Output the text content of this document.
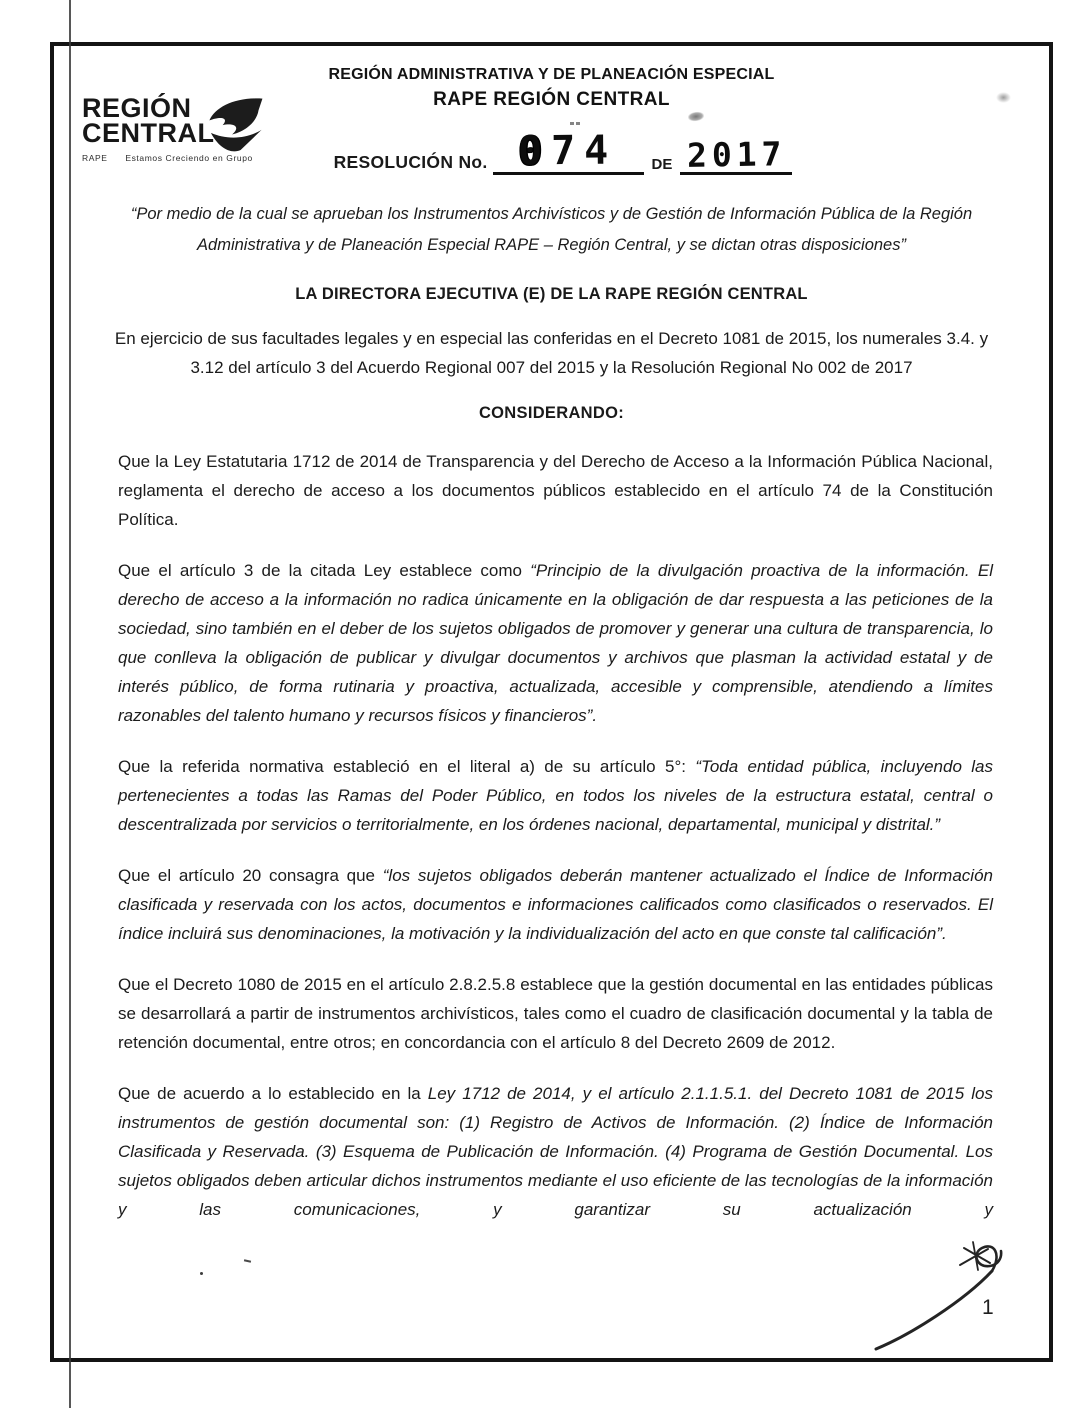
REGIÓN
CENTRAL
RAPE      Estamos Creciendo en Grupo
REGIÓN ADMINISTRATIVA Y DE PLANEACIÓN ESPECIAL
RAPE REGIÓN CENTRAL
RESOLUCIÓN No. 074	DE 2017

“Por medio de la cual se aprueban los Instrumentos Archivísticos y de Gestión de Información Pública de la Región Administrativa y de Planeación Especial RAPE – Región Central, y se dictan otras disposiciones”

LA DIRECTORA EJECUTIVA (E) DE LA RAPE REGIÓN CENTRAL

En ejercicio de sus facultades legales y en especial las conferidas en el Decreto 1081 de 2015, los numerales 3.4. y 3.12 del artículo 3 del Acuerdo Regional 007 del 2015 y la Resolución Regional No 002 de 2017

CONSIDERANDO:

Que la Ley Estatutaria 1712 de 2014 de Transparencia y del Derecho de Acceso a la Información Pública Nacional, reglamenta el derecho de acceso a los documentos públicos establecido en el artículo 74 de la Constitución Política.

Que el artículo 3 de la citada Ley establece como “Principio de la divulgación proactiva de la información. El derecho de acceso a la información no radica únicamente en la obligación de dar respuesta a las peticiones de la sociedad, sino también en el deber de los sujetos obligados de promover y generar una cultura de transparencia, lo que conlleva la obligación de publicar y divulgar documentos y archivos que plasman la actividad estatal y de interés público, de forma rutinaria y proactiva, actualizada, accesible y comprensible, atendiendo a límites razonables del talento humano y recursos físicos y financieros”.

Que la referida normativa estableció en el literal a) de su artículo 5°: “Toda entidad pública, incluyendo las pertenecientes a todas las Ramas del Poder Público, en todos los niveles de la estructura estatal, central o descentralizada por servicios o territorialmente, en los órdenes nacional, departamental, municipal y distrital.”

Que el artículo 20 consagra que “los sujetos obligados deberán mantener actualizado el Índice de Información clasificada y reservada con los actos, documentos e informaciones calificados como clasificados o reservados. El índice incluirá sus denominaciones, la motivación y la individualización del acto en que conste tal calificación”.

Que el Decreto 1080 de 2015 en el artículo 2.8.2.5.8 establece que la gestión documental en las entidades públicas se desarrollará a partir de instrumentos archivísticos, tales como el cuadro de clasificación documental y la tabla de retención documental, entre otros; en concordancia con el artículo 8 del Decreto 2609 de 2012.

Que de acuerdo a lo establecido en la Ley 1712 de 2014, y el artículo 2.1.1.5.1. del Decreto 1081 de 2015 los instrumentos de gestión documental son: (1) Registro de Activos de Información. (2) Índice de Información Clasificada y Reservada. (3) Esquema de Publicación de Información. (4) Programa de Gestión Documental. Los sujetos obligados deben articular dichos instrumentos mediante el uso eficiente de las tecnologías de la información y las comunicaciones, y garantizar su actualización y

1
